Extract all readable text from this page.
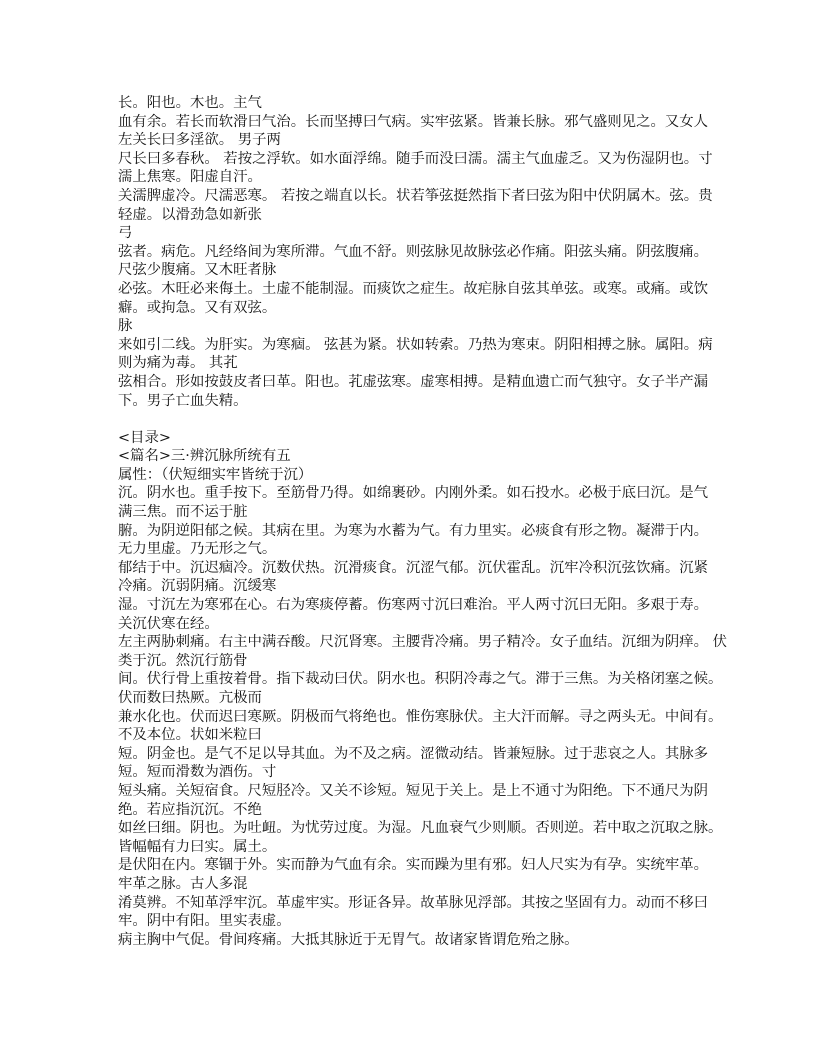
长。阳也。木也。主气
血有余。若长而软滑曰气治。长而坚搏曰气病。实牢弦紧。皆兼长脉。邪气盛则见之。又女人
左关长曰多淫欲。 男子两
尺长曰多春秋。 若按之浮软。如水面浮绵。随手而没曰濡。濡主气血虚乏。又为伤湿阴也。寸
濡上焦寒。阳虚自汗。
关濡脾虚冷。尺濡恶寒。 若按之端直以长。状若筝弦挺然指下者曰弦为阳中伏阴属木。弦。贵
轻虚。以滑劲急如新张
弓
弦者。病危。凡经络间为寒所滞。气血不舒。则弦脉见故脉弦必作痛。阳弦头痛。阴弦腹痛。
尺弦少腹痛。又木旺者脉
必弦。木旺必来侮土。土虚不能制湿。而痰饮之症生。故疟脉自弦其单弦。或寒。或痛。或饮
癖。或拘急。又有双弦。
脉
来如引二线。为肝实。为寒痼。 弦甚为紧。状如转索。乃热为寒束。阴阳相搏之脉。属阳。病
则为痛为毒。 其芤
弦相合。形如按鼓皮者曰革。阳也。芤虚弦寒。虚寒相搏。是精血遗亡而气独守。女子半产漏
下。男子亡血失精。
<目录>
<篇名>三·辨沉脉所统有五
属性：（伏短细实牢皆统于沉）
沉。阴水也。重手按下。至筋骨乃得。如绵裹砂。内刚外柔。如石投水。必极于底曰沉。是气
满三焦。而不运于脏
腑。为阴逆阳郁之候。其病在里。为寒为水蓄为气。有力里实。必痰食有形之物。凝滞于内。
无力里虚。乃无形之气。
郁结于中。沉迟痼冷。沉数伏热。沉滑痰食。沉涩气郁。沉伏霍乱。沉牢冷积沉弦饮痛。沉紧
冷痛。沉弱阴痛。沉缓寒
湿。寸沉左为寒邪在心。右为寒痰停蓄。伤寒两寸沉曰难治。平人两寸沉曰无阳。多艰于寿。
关沉伏寒在经。
左主两胁刺痛。右主中满吞酸。尺沉肾寒。主腰背冷痛。男子精冷。女子血结。沉细为阴痒。 伏
类于沉。然沉行筋骨
间。伏行骨上重按着骨。指下裁动曰伏。阴水也。积阴冷毒之气。滞于三焦。为关格闭塞之候。
伏而数曰热厥。亢极而
兼水化也。伏而迟曰寒厥。阴极而气将绝也。惟伤寒脉伏。主大汗而解。寻之两头无。中间有。
不及本位。状如米粒曰
短。阴金也。是气不足以导其血。为不及之病。涩微动结。皆兼短脉。过于悲哀之人。其脉多
短。短而滑数为酒伤。寸
短头痛。关短宿食。尺短胫冷。又关不诊短。短见于关上。是上不通寸为阳绝。下不通尺为阴
绝。若应指沉沉。不绝
如丝曰细。阴也。为吐衄。为忧劳过度。为湿。凡血衰气少则顺。否则逆。若中取之沉取之脉。
皆幅幅有力曰实。属土。
是伏阳在内。寒锢于外。实而静为气血有余。实而躁为里有邪。妇人尺实为有孕。实统牢革。
牢革之脉。古人多混
淆莫辨。不知革浮牢沉。革虚牢实。形证各异。故革脉见浮部。其按之坚固有力。动而不移曰
牢。阴中有阳。里实表虚。
病主胸中气促。骨间疼痛。大抵其脉近于无胃气。故诸家皆谓危殆之脉。
